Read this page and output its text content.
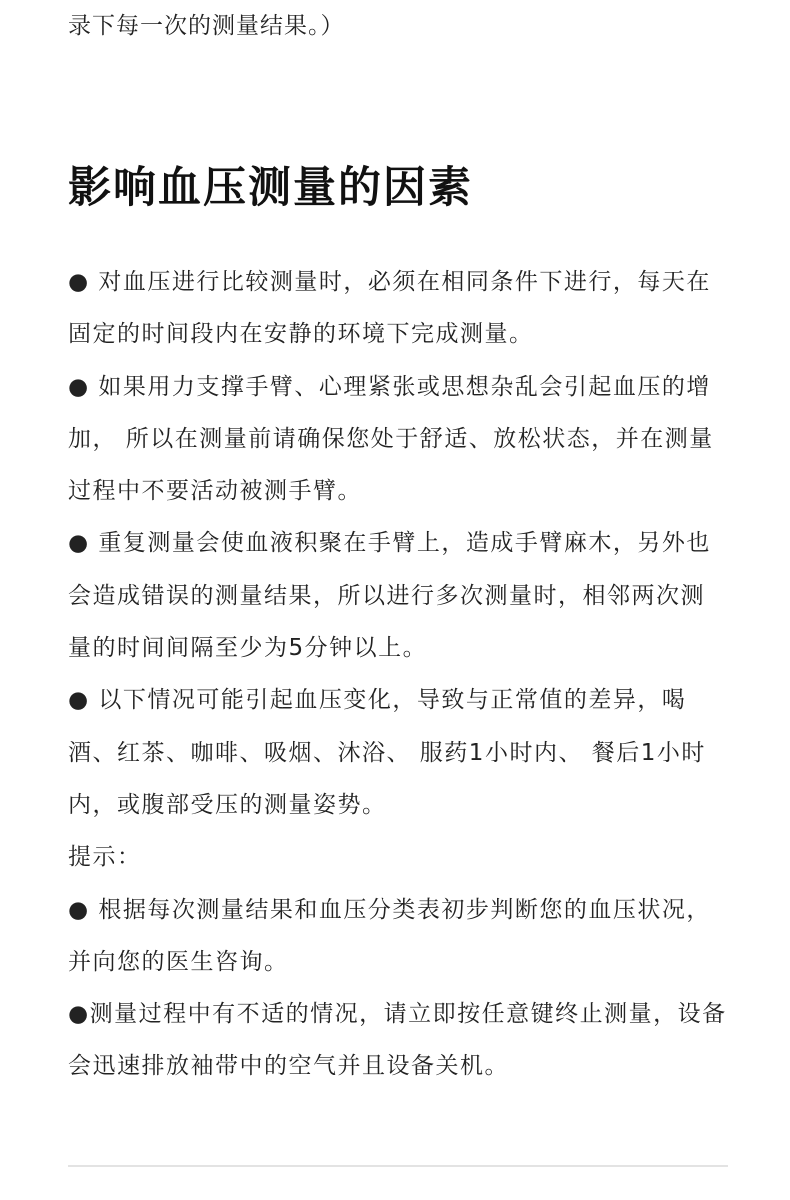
录下每一次的测量结果。）

影响血压测量的因素

● 对血压进行比较测量时，必须在相同条件下进行，每天在固定的时间段内在安静的环境下完成测量。

● 如果用力支撑手臂、心理紧张或思想杂乱会引起血压的增加， 所以在测量前请确保您处于舒适、放松状态，并在测量过程中不要活动被测手臂。

● 重复测量会使血液积聚在手臂上，造成手臂麻木，另外也会造成错误的测量结果，所以进行多次测量时，相邻两次测量的时间间隔至少为5分钟以上。

● 以下情况可能引起血压变化，导致与正常值的差异，喝酒、红茶、咖啡、吸烟、沐浴、 服药1小时内、 餐后1小时内，或腹部受压的测量姿势。

提示：

● 根据每次测量结果和血压分类表初步判断您的血压状况，并向您的医生咨询。

●测量过程中有不适的情况，请立即按任意键终止测量，设备会迅速排放袖带中的空气并且设备关机。
